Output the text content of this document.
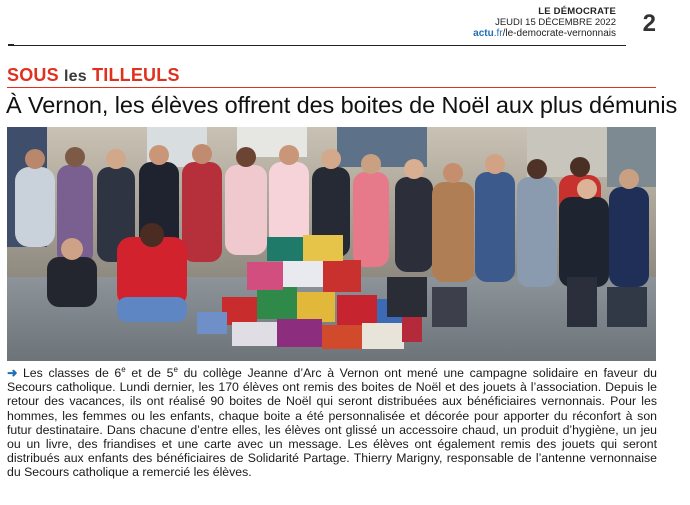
LE DÉMOCRATE
JEUDI 15 DÉCEMBRE 2022
actu.fr/le-democrate-vernonnais 2
SOUS les TILLEULS
À Vernon, les élèves offrent des boites de Noël aux plus démunis
➜ Les classes de 6e et de 5e du collège Jeanne d’Arc à Vernon ont mené une campagne solidaire en faveur du Secours catholique. Lundi dernier, les 170 élèves ont remis des boites de Noël et des jouets à l’association. Depuis le retour des vacances, ils ont réalisé 90 boites de Noël qui seront distribuées aux bénéficiaires vernonnais. Pour les hommes, les femmes ou les enfants, chaque boite a été personnalisée et décorée pour apporter du réconfort à son futur destinataire. Dans chacune d’entre elles, les élèves ont glissé un accessoire chaud, un produit d’hygiène, un jeu ou un livre, des friandises et une carte avec un message. Les élèves ont également remis des jouets qui seront distribués aux enfants des bénéficiaires de Solidarité Partage. Thierry Marigny, responsable de l’antenne vernonnaise du Secours catholique a remercié les élèves.
